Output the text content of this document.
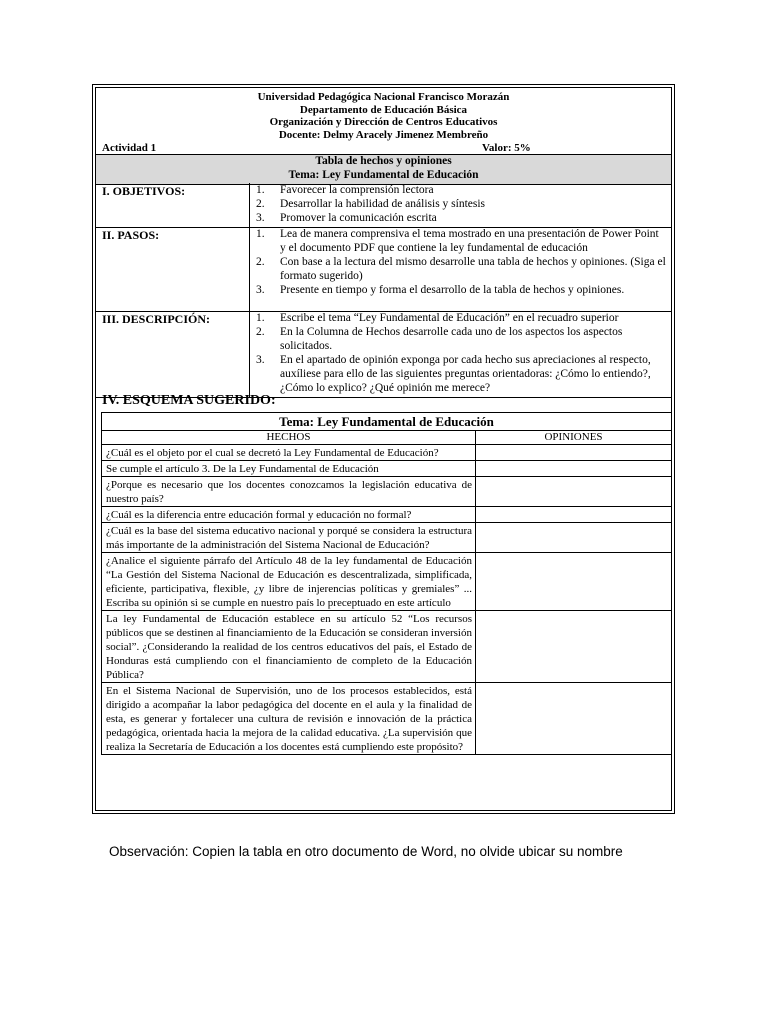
Universidad Pedagógica Nacional Francisco Morazán
Departamento de Educación Básica
Organización y Dirección de Centros Educativos
Docente: Delmy Aracely Jimenez Membreño
Actividad 1	Valor: 5%
Tabla de hechos y opiniones
Tema: Ley Fundamental de Educación
I. OBJETIVOS:	1. Favorecer la comprensión lectora
2. Desarrollar la habilidad de análisis y síntesis
3. Promover la comunicación escrita
II. PASOS:	1. Lea de manera comprensiva el tema mostrado en una presentación de Power Point y el documento PDF que contiene la ley fundamental de educación
2. Con base a la lectura del mismo desarrolle una tabla de hechos y opiniones. (Siga el formato sugerido)
3. Presente en tiempo y forma el desarrollo de la tabla de hechos y opiniones.
III. DESCRIPCIÓN:	1. Escribe el tema “Ley Fundamental de Educación” en el recuadro superior
2. En la Columna de Hechos desarrolle cada uno de los aspectos los aspectos solicitados.
3. En el apartado de opinión exponga por cada hecho sus apreciaciones al respecto, auxíliese para ello de las siguientes preguntas orientadoras: ¿Cómo lo entiendo?, ¿Cómo lo explico? ¿Qué opinión me merece?
IV. ESQUEMA SUGERIDO:
Tema: Ley Fundamental de Educación
HECHOS	OPINIONES
¿Cuál es el objeto por el cual se decretó la Ley Fundamental de Educación?
Se cumple el artículo 3. De la Ley Fundamental de Educación
¿Porque es necesario que los docentes conozcamos la legislación educativa de nuestro país?
¿Cuál es la diferencia entre educación formal y educación no formal?
¿Cuál es la base del sistema educativo nacional y porqué se considera la estructura más importante de la administración del Sistema Nacional de Educación?
¿Analice el siguiente párrafo del Artículo 48 de la ley fundamental de Educación “La Gestión del Sistema Nacional de Educación es descentralizada, simplificada, eficiente, participativa, flexible, ¿y libre de injerencias políticas y gremiales” ... Escriba su opinión si se cumple en nuestro país lo preceptuado en este artículo
La ley Fundamental de Educación establece en su artículo 52 “Los recursos públicos que se destinen al financiamiento de la Educación se consideran inversión social”. ¿Considerando la realidad de los centros educativos del país, el Estado de Honduras está cumpliendo con el financiamiento de completo de la Educación Pública?
En el Sistema Nacional de Supervisión, uno de los procesos establecidos, está dirigido a acompañar la labor pedagógica del docente en el aula y la finalidad de esta, es generar y fortalecer una cultura de revisión e innovación de la práctica pedagógica, orientada hacia la mejora de la calidad educativa. ¿La supervisión que realiza la Secretaría de Educación a los docentes está cumpliendo este propósito?
Observación: Copien la tabla en otro documento de Word, no olvide ubicar su nombre
